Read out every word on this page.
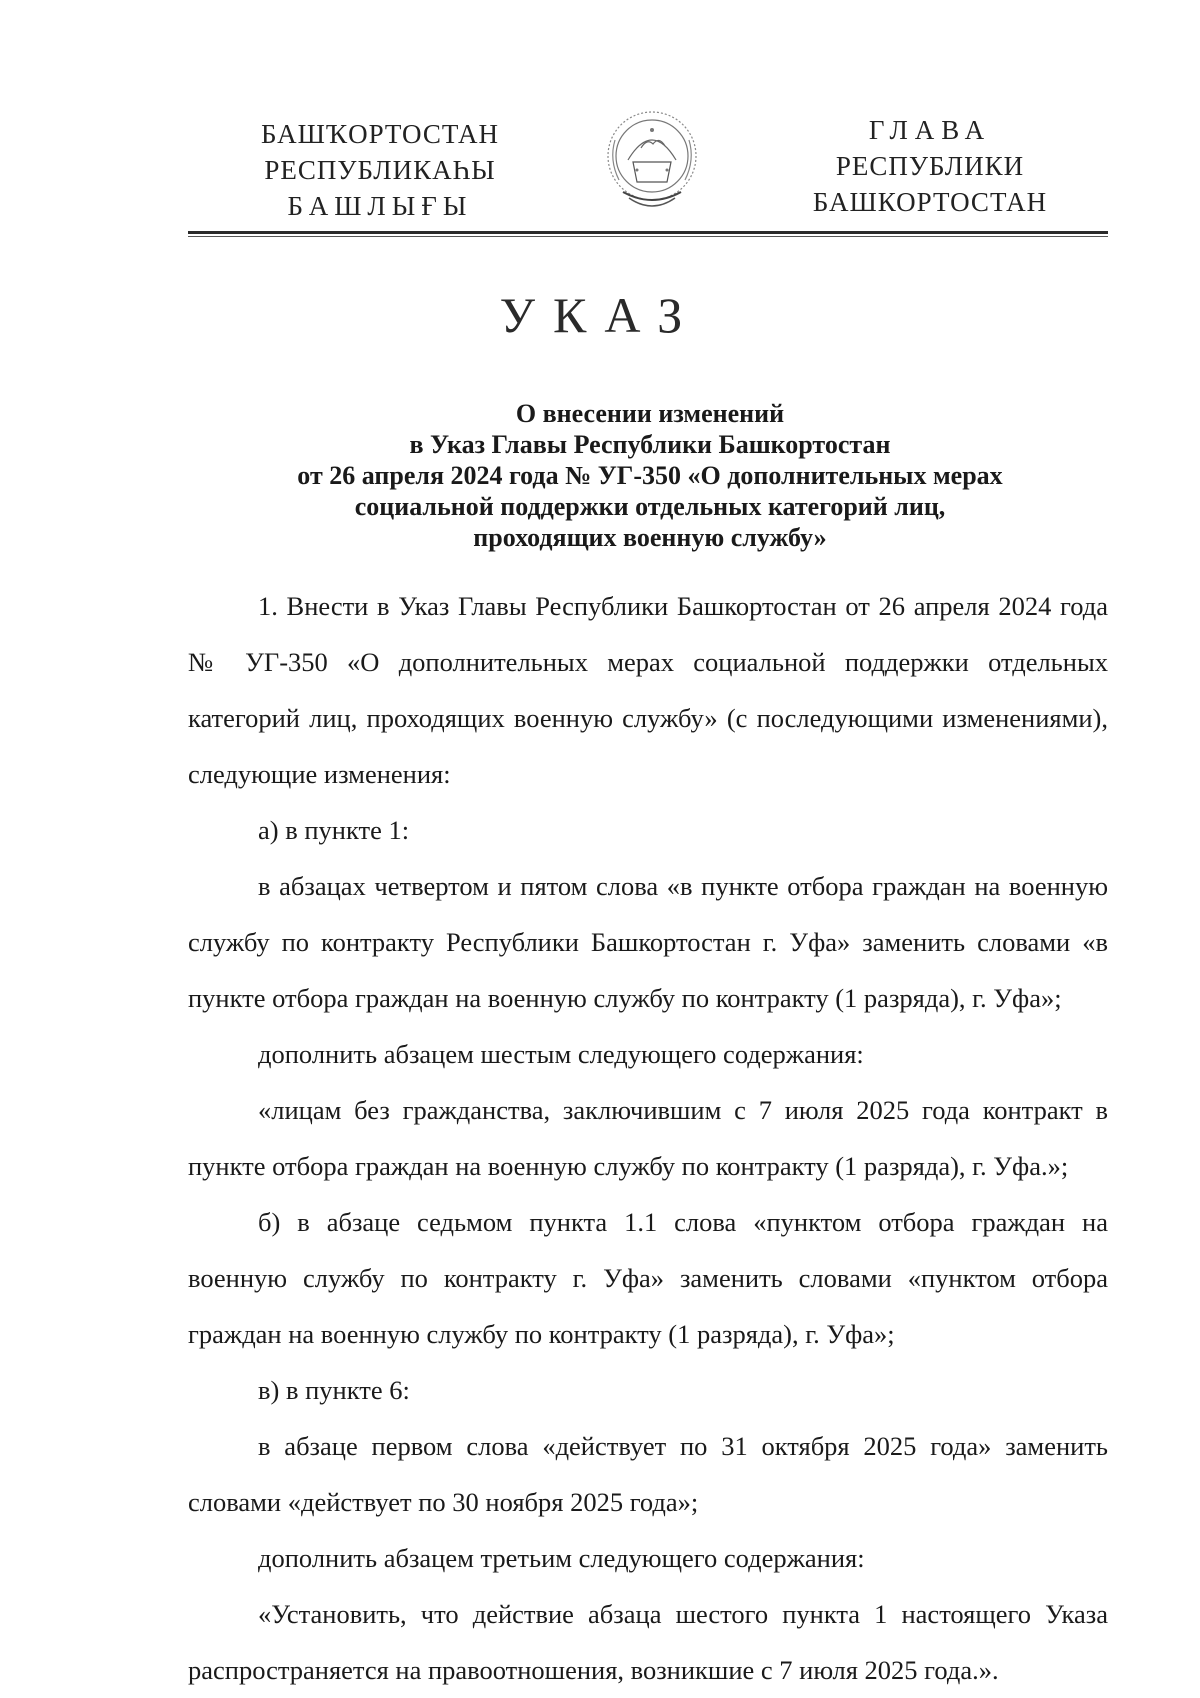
БАШҠОРТОСТАН
РЕСПУБЛИКАҺЫ
БАШЛЫҒЫ
ГЛАВА
РЕСПУБЛИКИ
БАШКОРТОСТАН
УКАЗ
О внесении изменений
в Указ Главы Республики Башкортостан
от 26 апреля 2024 года № УГ-350 «О дополнительных мерах
социальной поддержки отдельных категорий лиц,
проходящих военную службу»

1. Внести в Указ Главы Республики Башкортостан от 26 апреля 2024 года № УГ-350 «О дополнительных мерах социальной поддержки отдельных категорий лиц, проходящих военную службу» (с последующими изменениями), следующие изменения:

а) в пункте 1:

в абзацах четвертом и пятом слова «в пункте отбора граждан на военную службу по контракту Республики Башкортостан г. Уфа» заменить словами «в пункте отбора граждан на военную службу по контракту (1 разряда), г. Уфа»;

дополнить абзацем шестым следующего содержания:

«лицам без гражданства, заключившим с 7 июля 2025 года контракт в пункте отбора граждан на военную службу по контракту (1 разряда), г. Уфа.»;

б) в абзаце седьмом пункта 1.1 слова «пунктом отбора граждан на военную службу по контракту г. Уфа» заменить словами «пунктом отбора граждан на военную службу по контракту (1 разряда), г. Уфа»;

в) в пункте 6:

в абзаце первом слова «действует по 31 октября 2025 года» заменить словами «действует по 30 ноября 2025 года»;

дополнить абзацем третьим следующего содержания:

«Установить, что действие абзаца шестого пункта 1 настоящего Указа распространяется на правоотношения, возникшие с 7 июля 2025 года.».
